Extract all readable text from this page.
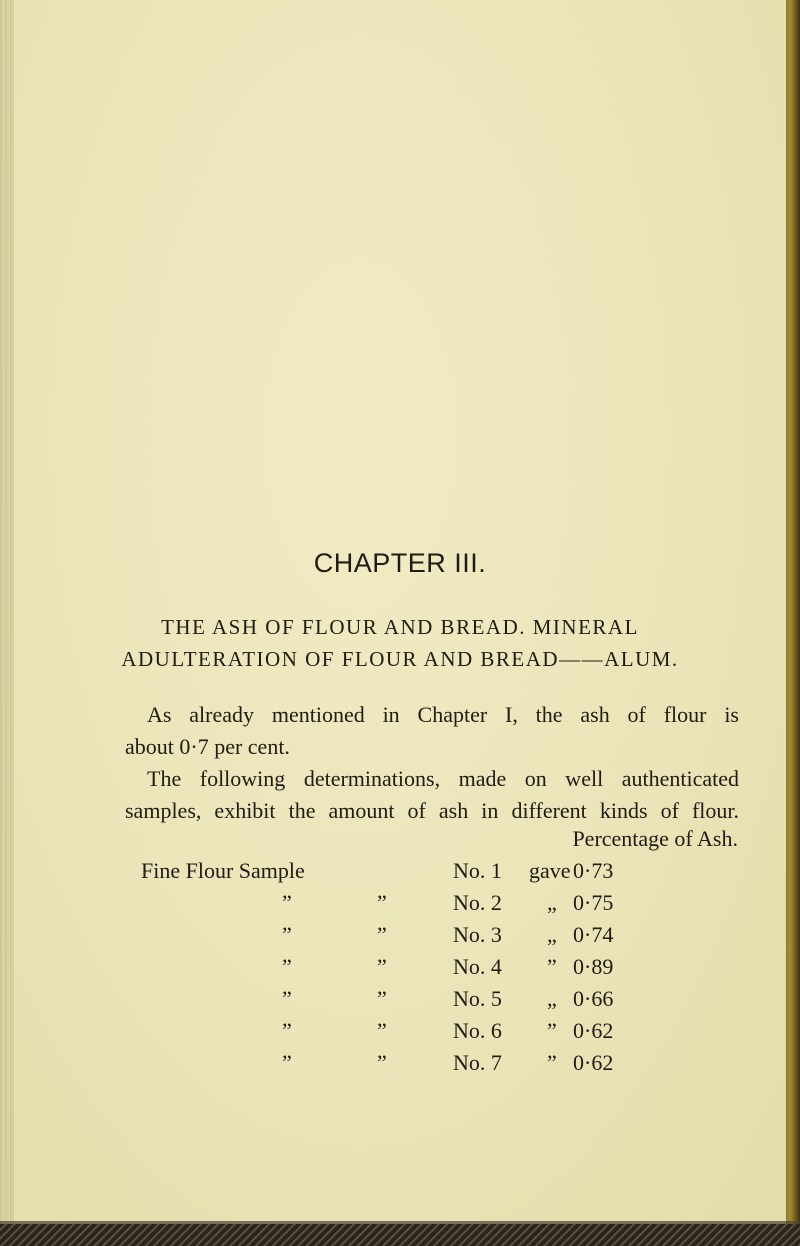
CHAPTER III.
THE ASH OF FLOUR AND BREAD. MINERAL
ADULTERATION OF FLOUR AND BREAD——ALUM.
As already mentioned in Chapter I, the ash of flour is
about 0·7 per cent.
The following determinations, made on well authenticated
samples, exhibit the amount of ash in different kinds of flour.
Percentage of Ash.
Fine Flour Sample	No. 1 gave 0·73
”	”	No. 2 „ 0·75
”	”	No. 3 „ 0·74
”	”	No. 4 ” 0·89
”	”	No. 5 „ 0·66
”	”	No. 6 ” 0·62
”	”	No. 7 ” 0·62
